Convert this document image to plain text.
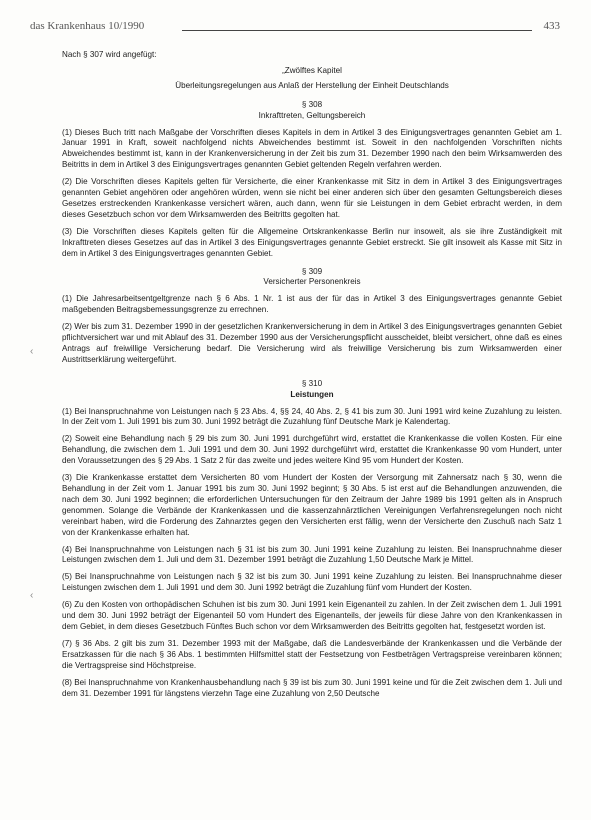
das Krankenhaus 10/1990	433
‹
‹

Nach § 307 wird angefügt:

„Zwölftes Kapitel

Überleitungsregelungen aus Anlaß der Herstellung der Einheit Deutschlands

§ 308

Inkrafttreten, Geltungsbereich

(1) Dieses Buch tritt nach Maßgabe der Vorschriften dieses Kapitels in dem in Artikel 3 des Einigungsvertrages genannten Gebiet am 1. Januar 1991 in Kraft, soweit nachfolgend nichts Abweichendes bestimmt ist. Soweit in den nachfolgenden Vorschriften nichts Abweichendes bestimmt ist, kann in der Krankenversicherung in der Zeit bis zum 31. Dezember 1990 nach den beim Wirksamwerden des Beitritts in dem in Artikel 3 des Einigungsvertrages genannten Gebiet geltenden Regeln verfahren werden.

(2) Die Vorschriften dieses Kapitels gelten für Versicherte, die einer Krankenkasse mit Sitz in dem in Artikel 3 des Einigungsvertrages genannten Gebiet angehören oder angehören würden, wenn sie nicht bei einer anderen sich über den gesamten Geltungsbereich dieses Gesetzes erstreckenden Krankenkasse versichert wären, auch dann, wenn für sie Leistungen in dem Gebiet erbracht werden, in dem dieses Gesetzbuch schon vor dem Wirksamwerden des Beitritts gegolten hat.

(3) Die Vorschriften dieses Kapitels gelten für die Allgemeine Ortskrankenkasse Berlin nur insoweit, als sie ihre Zuständigkeit mit Inkrafttreten dieses Gesetzes auf das in Artikel 3 des Einigungsvertrages genannte Gebiet erstreckt. Sie gilt insoweit als Kasse mit Sitz in dem in Artikel 3 des Einigungsvertrages genannten Gebiet.

§ 309

Versicherter Personenkreis

(1) Die Jahresarbeitsentgeltgrenze nach § 6 Abs. 1 Nr. 1 ist aus der für das in Artikel 3 des Einigungsvertrages genannte Gebiet maßgebenden Beitragsbemessungsgrenze zu errechnen.

(2) Wer bis zum 31. Dezember 1990 in der gesetzlichen Krankenversicherung in dem in Artikel 3 des Einigungsvertrages genannten Gebiet pflichtversichert war und mit Ablauf des 31. Dezember 1990 aus der Versicherungspflicht ausscheidet, bleibt versichert, ohne daß es eines Antrags auf freiwillige Versicherung bedarf. Die Versicherung wird als freiwillige Versicherung bis zum Wirksamwerden einer Austrittserklärung weitergeführt.

§ 310

Leistungen

(1) Bei Inanspruchnahme von Leistungen nach § 23 Abs. 4, §§ 24, 40 Abs. 2, § 41 bis zum 30. Juni 1991 wird keine Zuzahlung zu leisten. In der Zeit vom 1. Juli 1991 bis zum 30. Juni 1992 beträgt die Zuzahlung fünf Deutsche Mark je Kalendertag.

(2) Soweit eine Behandlung nach § 29 bis zum 30. Juni 1991 durchgeführt wird, erstattet die Krankenkasse die vollen Kosten. Für eine Behandlung, die zwischen dem 1. Juli 1991 und dem 30. Juni 1992 durchgeführt wird, erstattet die Krankenkasse 90 vom Hundert, unter den Voraussetzungen des § 29 Abs. 1 Satz 2 für das zweite und jedes weitere Kind 95 vom Hundert der Kosten.

(3) Die Krankenkasse erstattet dem Versicherten 80 vom Hundert der Kosten der Versorgung mit Zahnersatz nach § 30, wenn die Behandlung in der Zeit vom 1. Januar 1991 bis zum 30. Juni 1992 beginnt; § 30 Abs. 5 ist erst auf die Behandlungen anzuwenden, die nach dem 30. Juni 1992 beginnen; die erforderlichen Untersuchungen für den Zeitraum der Jahre 1989 bis 1991 gelten als in Anspruch genommen. Solange die Verbände der Krankenkassen und die kassenzahnärztlichen Vereinigungen Verfahrensregelungen noch nicht vereinbart haben, wird die Forderung des Zahnarztes gegen den Versicherten erst fällig, wenn der Versicherte den Zuschuß nach Satz 1 von der Krankenkasse erhalten hat.

(4) Bei Inanspruchnahme von Leistungen nach § 31 ist bis zum 30. Juni 1991 keine Zuzahlung zu leisten. Bei Inanspruchnahme dieser Leistungen zwischen dem 1. Juli und dem 31. Dezember 1991 beträgt die Zuzahlung 1,50 Deutsche Mark je Mittel.

(5) Bei Inanspruchnahme von Leistungen nach § 32 ist bis zum 30. Juni 1991 keine Zuzahlung zu leisten. Bei Inanspruchnahme dieser Leistungen zwischen dem 1. Juli 1991 und dem 30. Juni 1992 beträgt die Zuzahlung fünf vom Hundert der Kosten.

(6) Zu den Kosten von orthopädischen Schuhen ist bis zum 30. Juni 1991 kein Eigenanteil zu zahlen. In der Zeit zwischen dem 1. Juli 1991 und dem 30. Juni 1992 beträgt der Eigenanteil 50 vom Hundert des Eigenanteils, der jeweils für diese Jahre von den Krankenkassen in dem Gebiet, in dem dieses Gesetzbuch Fünftes Buch schon vor dem Wirksamwerden des Beitritts gegolten hat, festgesetzt worden ist.

(7) § 36 Abs. 2 gilt bis zum 31. Dezember 1993 mit der Maßgabe, daß die Landesverbände der Krankenkassen und die Verbände der Ersatzkassen für die nach § 36 Abs. 1 bestimmten Hilfsmittel statt der Festsetzung von Festbeträgen Vertragspreise vereinbaren können; die Vertragspreise sind Höchstpreise.

(8) Bei Inanspruchnahme von Krankenhausbehandlung nach § 39 ist bis zum 30. Juni 1991 keine und für die Zeit zwischen dem 1. Juli und dem 31. Dezember 1991 für längstens vierzehn Tage eine Zuzahlung von 2,50 Deutsche
